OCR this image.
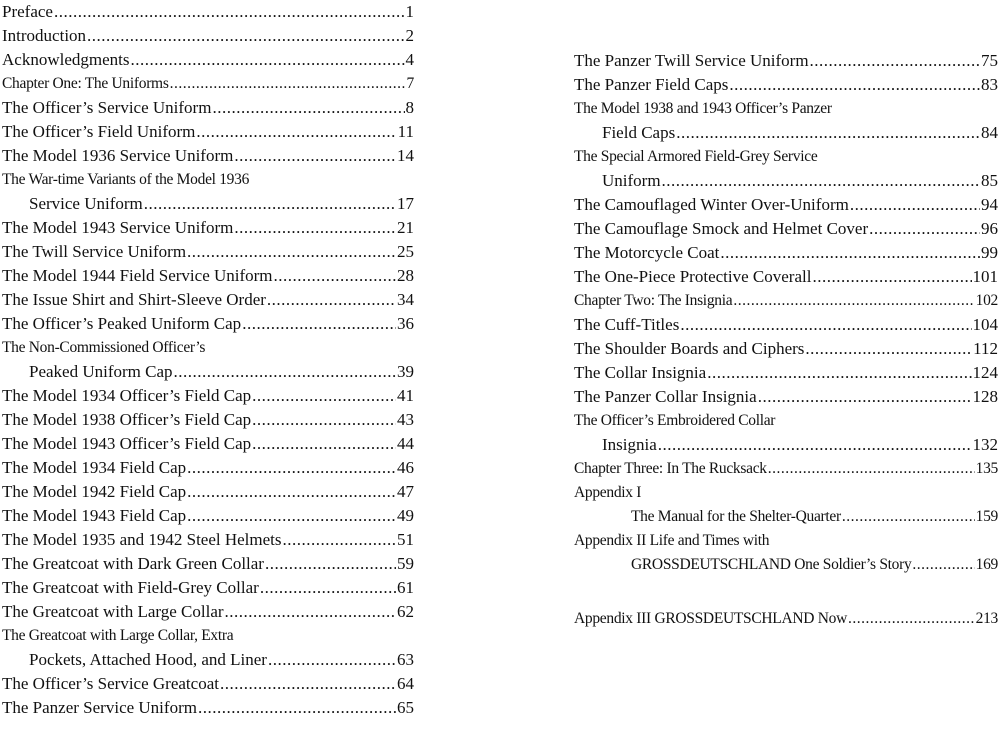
Preface .....	1
Introduction .....	2
Acknowledgments .....	4
Chapter One: The Uniforms .....	7
The Officer’s Service Uniform .....	8
The Officer’s Field Uniform .....	11
The Model 1936 Service Uniform .....	14
The War-time Variants of the Model 1936
Service Uniform .....	17
The Model 1943 Service Uniform .....	21
The Twill Service Uniform .....	25
The Model 1944 Field Service Uniform .....	28
The Issue Shirt and Shirt-Sleeve Order .....	34
The Officer’s Peaked Uniform Cap .....	36
The Non-Commissioned Officer’s
Peaked Uniform Cap .....	39
The Model 1934 Officer’s Field Cap .....	41
The Model 1938 Officer’s Field Cap .....	43
The Model 1943 Officer’s Field Cap .....	44
The Model 1934 Field Cap .....	46
The Model 1942 Field Cap .....	47
The Model 1943 Field Cap .....	49
The Model 1935 and 1942 Steel Helmets .....	51
The Greatcoat with Dark Green Collar .....	59
The Greatcoat with Field-Grey Collar .....	61
The Greatcoat with Large Collar .....	62
The Greatcoat with Large Collar, Extra
Pockets, Attached Hood, and Liner .....	63
The Officer’s Service Greatcoat .....	64
The Panzer Service Uniform .....	65
The Panzer Twill Service Uniform .....	75
The Panzer Field Caps .....	83
The Model 1938 and 1943 Officer’s Panzer
Field Caps .....	84
The Special Armored Field-Grey Service
Uniform .....	85
The Camouflaged Winter Over-Uniform .....	94
The Camouflage Smock and Helmet Cover .....	96
The Motorcycle Coat .....	99
The One-Piece Protective Coverall .....	101
Chapter Two: The Insignia .....	102
The Cuff-Titles .....	104
The Shoulder Boards and Ciphers .....	112
The Collar Insignia .....	124
The Panzer Collar Insignia .....	128
The Officer’s Embroidered Collar
Insignia .....	132
Chapter Three: In The Rucksack .....	135
Appendix I
The Manual for the Shelter-Quarter .....	159
Appendix II Life and Times with
GROSSDEUTSCHLAND One Soldier’s Story .....	169
Appendix III GROSSDEUTSCHLAND Now .....	213
